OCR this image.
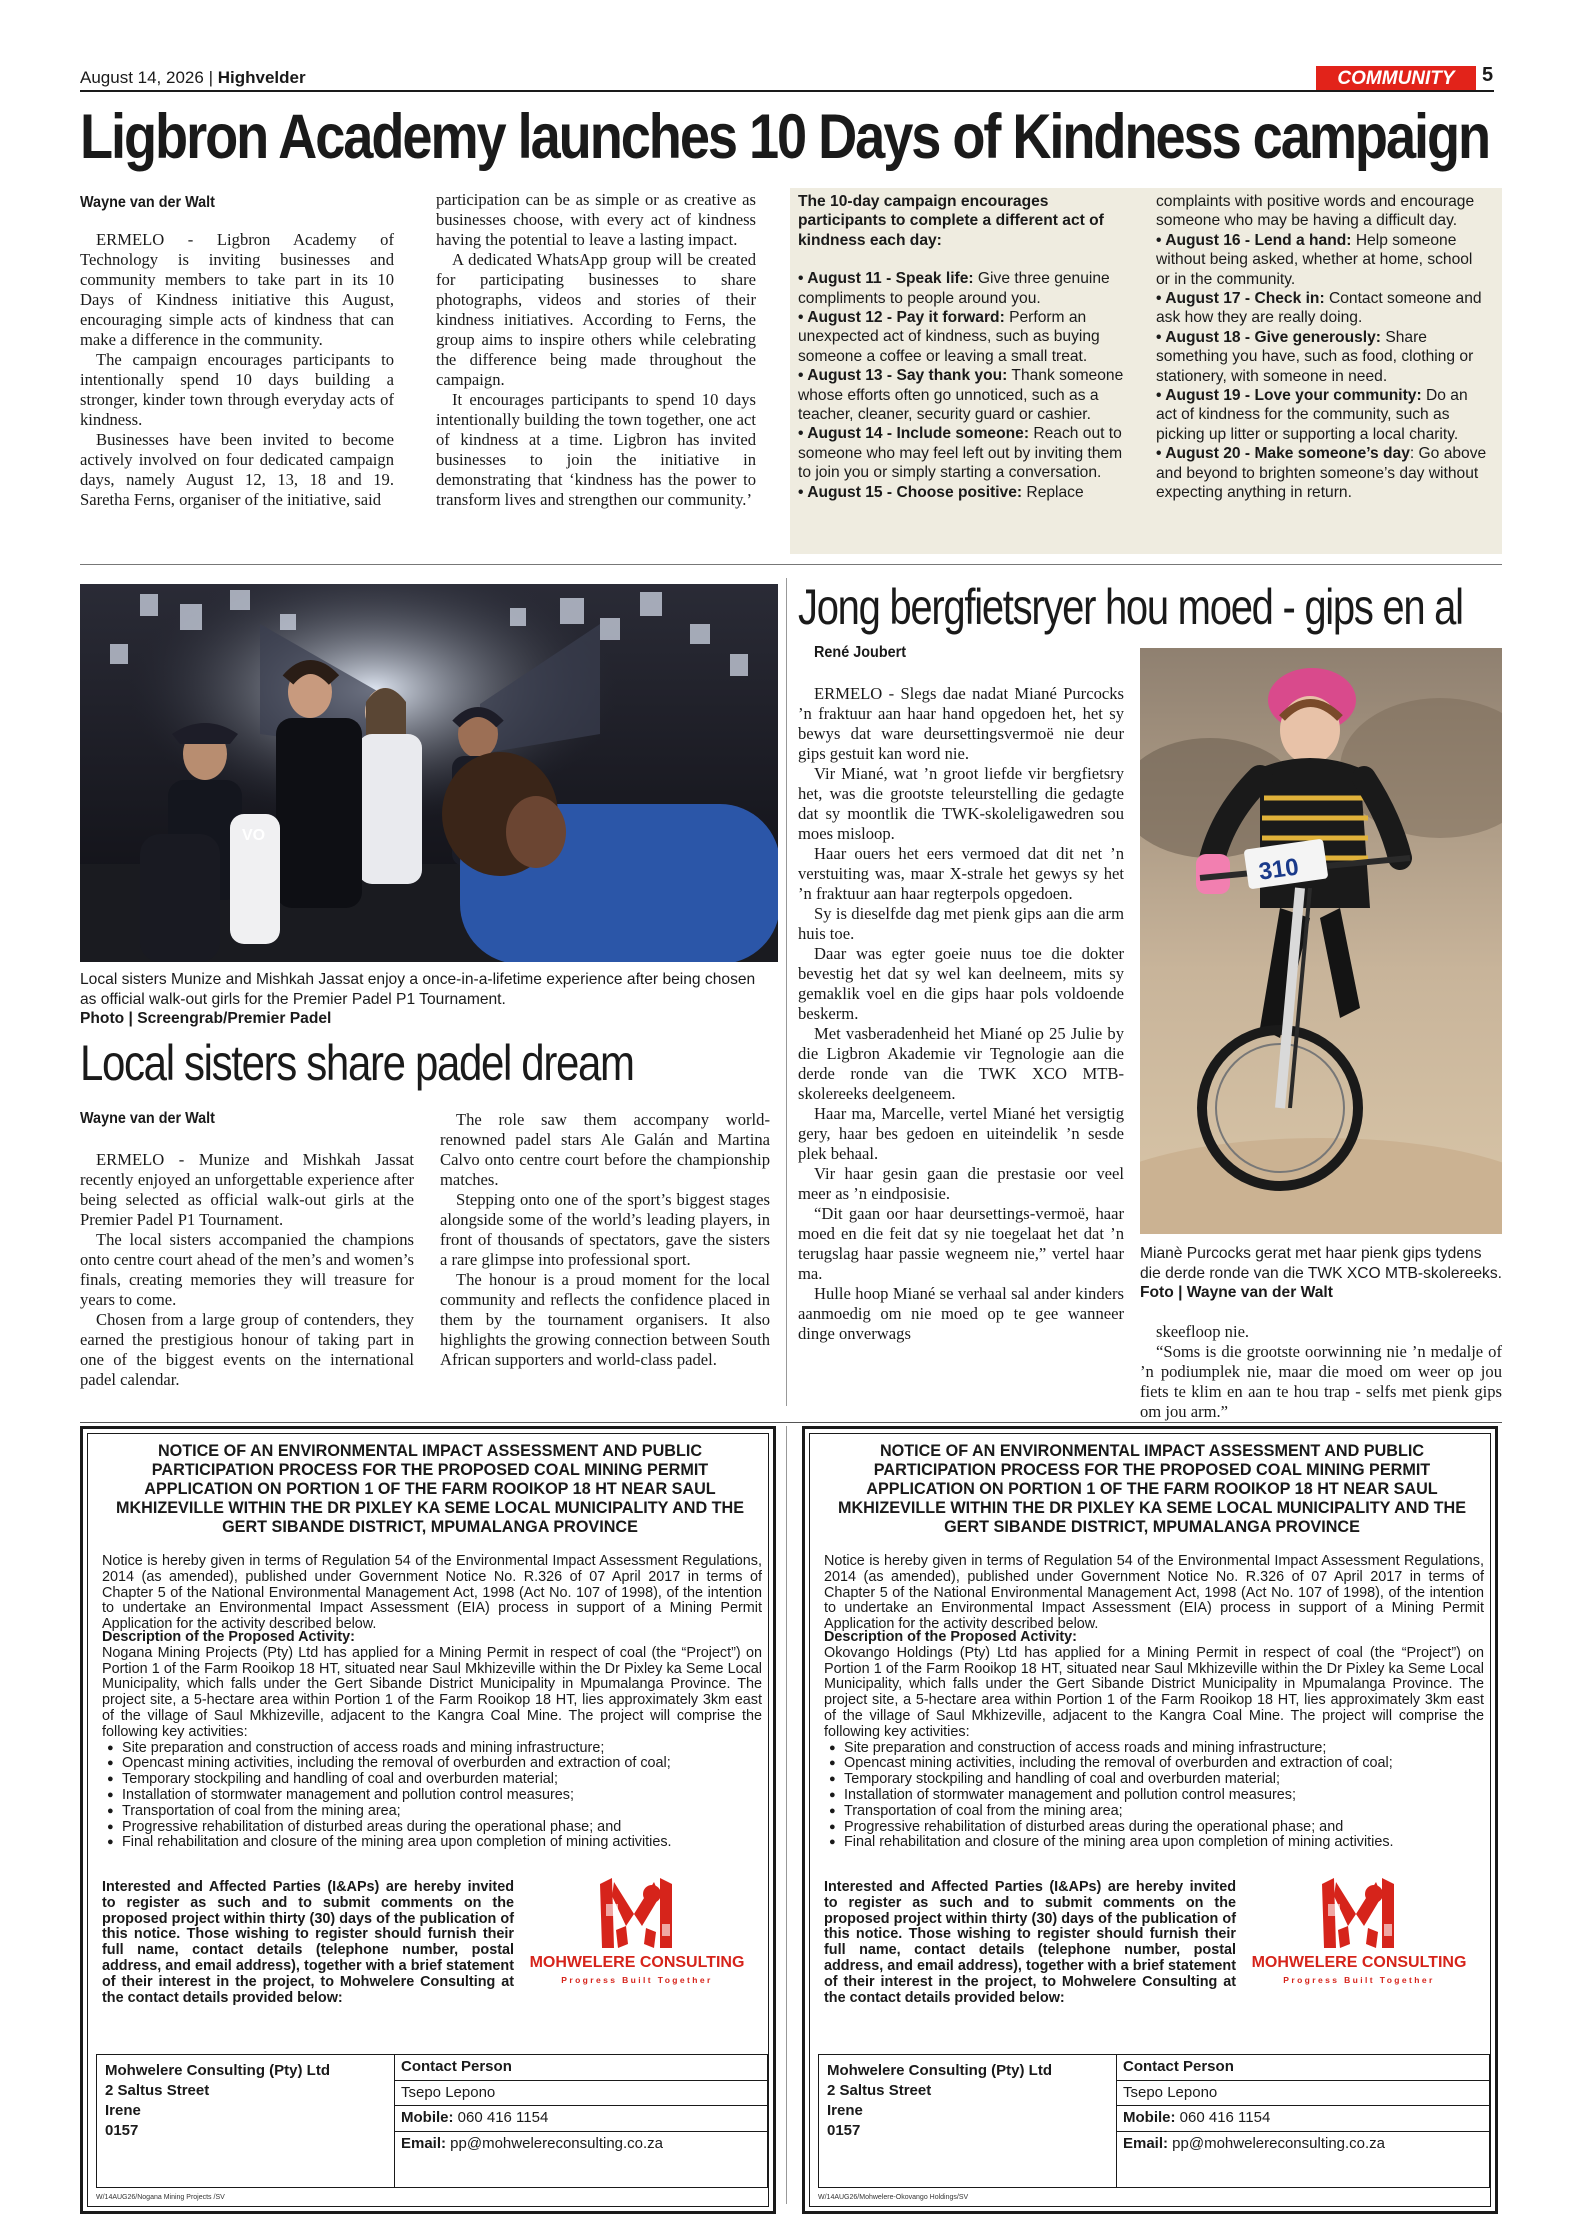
August 14, 2026 | Highvelder	COMMUNITY	5
Ligbron Academy launches 10 Days of Kindness campaign
Wayne van der Walt

ERMELO - Ligbron Academy of Technology is inviting businesses and community members to take part in its 10 Days of Kindness initiative this August, encouraging simple acts of kindness that can make a difference in the community.

The campaign encourages participants to intentionally spend 10 days building a stronger, kinder town through everyday acts of kindness.

Businesses have been invited to become actively involved on four dedicated campaign days, namely August 12, 13, 18 and 19. Saretha Ferns, organiser of the initiative, said

participation can be as simple or as creative as businesses choose, with every act of kindness having the potential to leave a lasting impact.

A dedicated WhatsApp group will be created for participating businesses to share photographs, videos and stories of their kindness initiatives. According to Ferns, the group aims to inspire others while celebrating the difference being made throughout the campaign.

It encourages participants to spend 10 days intentionally building the town together, one act of kindness at a time. Ligbron has invited businesses to join the initiative in demonstrating that ‘kindness has the power to transform lives and strengthen our community.’

The 10-day campaign encourages participants to complete a different act of kindness each day:
• August 11 - Speak life: Give three genuine compliments to people around you.
• August 12 - Pay it forward: Perform an unexpected act of kindness, such as buying someone a coffee or leaving a small treat.
• August 13 - Say thank you: Thank someone whose efforts often go unnoticed, such as a teacher, cleaner, security guard or cashier.
• August 14 - Include someone: Reach out to someone who may feel left out by inviting them to join you or simply starting a conversation.
• August 15 - Choose positive: Replace
complaints with positive words and encourage someone who may be having a difficult day.
• August 16 - Lend a hand: Help someone without being asked, whether at home, school or in the community.
• August 17 - Check in: Contact someone and ask how they are really doing.
• August 18 - Give generously: Share something you have, such as food, clothing or stationery, with someone in need.
• August 19 - Love your community: Do an act of kindness for the community, such as picking up litter or supporting a local charity.
• August 20 - Make someone’s day: Go above and beyond to brighten someone’s day without expecting anything in return.
VO
Local sisters Munize and Mishkah Jassat enjoy a once-in-a-lifetime experience after being chosen as official walk-out girls for the Premier Padel P1 Tournament.
Photo | Screengrab/Premier Padel
Local sisters share padel dream
Wayne van der Walt

ERMELO - Munize and Mishkah Jassat recently enjoyed an unforgettable experience after being selected as official walk-out girls at the Premier Padel P1 Tournament.

The local sisters accompanied the champions onto centre court ahead of the men’s and women’s finals, creating memories they will treasure for years to come.

Chosen from a large group of contenders, they earned the prestigious honour of taking part in one of the biggest events on the international padel calendar.

The role saw them accompany world-renowned padel stars Ale Galán and Martina Calvo onto centre court before the championship matches.

Stepping onto one of the sport’s biggest stages alongside some of the world’s leading players, in front of thousands of spectators, gave the sisters a rare glimpse into professional sport.

The honour is a proud moment for the local community and reflects the confidence placed in them by the tournament organisers. It also highlights the growing connection between South African supporters and world-class padel.

Jong bergfietsryer hou moed - gips en al
René Joubert

ERMELO - Slegs dae nadat Miané Purcocks ’n fraktuur aan haar hand opgedoen het, het sy bewys dat ware deursettingsvermoë nie deur gips gestuit kan word nie.

Vir Miané, wat ’n groot liefde vir bergfietsry het, was die grootste teleurstelling die gedagte dat sy moontlik die TWK-skoleligawedren sou moes misloop.

Haar ouers het eers vermoed dat dit net ’n verstuiting was, maar X-strale het gewys sy het ’n fraktuur aan haar regterpols opgedoen.

Sy is dieselfde dag met pienk gips aan die arm huis toe.

Daar was egter goeie nuus toe die dokter bevestig het dat sy wel kan deelneem, mits sy gemaklik voel en die gips haar pols voldoende beskerm.

Met vasberadenheid het Miané op 25 Julie by die Ligbron Akademie vir Tegnologie aan die derde ronde van die TWK XCO MTB-skolereeks deelgeneem.

Haar ma, Marcelle, vertel Miané het versigtig gery, haar bes gedoen en uiteindelik ’n sesde plek behaal.

Vir haar gesin gaan die prestasie oor veel meer as ’n eindposisie.

“Dit gaan oor haar deursettings-vermoë, haar moed en die feit dat sy nie toegelaat het dat ’n terugslag haar passie wegneem nie,” vertel haar ma.

Hulle hoop Miané se verhaal sal ander kinders aanmoedig om nie moed op te gee wanneer dinge onverwags

310
Mianè Purcocks gerat met haar pienk gips tydens die derde ronde van die TWK XCO MTB-skolereeks. Foto | Wayne van der Walt

skeefloop nie.

“Soms is die grootste oorwinning nie ’n medalje of ’n podiumplek nie, maar die moed om weer op jou fiets te klim en aan te hou trap - selfs met pienk gips om jou arm.”

NOTICE OF AN ENVIRONMENTAL IMPACT ASSESSMENT AND PUBLIC PARTICIPATION PROCESS FOR THE PROPOSED COAL MINING PERMIT APPLICATION ON PORTION 1 OF THE FARM ROOIKOP 18 HT NEAR SAUL MKHIZEVILLE WITHIN THE DR PIXLEY KA SEME LOCAL MUNICIPALITY AND THE GERT SIBANDE DISTRICT, MPUMALANGA PROVINCE
Notice is hereby given in terms of Regulation 54 of the Environmental Impact Assessment Regulations, 2014 (as amended), published under Government Notice No. R.326 of 07 April 2017 in terms of Chapter 5 of the National Environmental Management Act, 1998 (Act No. 107 of 1998), of the intention to undertake an Environmental Impact Assessment (EIA) process in support of a Mining Permit Application for the activity described below.
Description of the Proposed Activity:
Nogana Mining Projects (Pty) Ltd has applied for a Mining Permit in respect of coal (the “Project”) on Portion 1 of the Farm Rooikop 18 HT, situated near Saul Mkhizeville within the Dr Pixley ka Seme Local Municipality, which falls under the Gert Sibande District Municipality in Mpumalanga Province. The project site, a 5-hectare area within Portion 1 of the Farm Rooikop 18 HT, lies approximately 3km east of the village of Saul Mkhizeville, adjacent to the Kangra Coal Mine. The project will comprise the following key activities:
● Site preparation and construction of access roads and mining infrastructure;
● Opencast mining activities, including the removal of overburden and extraction of coal;
● Temporary stockpiling and handling of coal and overburden material;
● Installation of stormwater management and pollution control measures;
● Transportation of coal from the mining area;
● Progressive rehabilitation of disturbed areas during the operational phase; and
● Final rehabilitation and closure of the mining area upon completion of mining activities.
Interested and Affected Parties (I&APs) are hereby invited to register as such and to submit comments on the proposed project within thirty (30) days of the publication of this notice. Those wishing to register should furnish their full name, contact details (telephone number, postal address, and email address), together with a brief statement of their interest in the project, to Mohwelere Consulting at the contact details provided below:
MOHWELERE CONSULTING
Progress Built Together
Mohwelere Consulting (Pty) Ltd
2 Saltus Street
Irene
0157
Contact Person
Tsepo Lepono
Mobile: 060 416 1154
Email: pp@mohwelereconsulting.co.za
W/14AUG26/Nogana Mining Projects /SV
NOTICE OF AN ENVIRONMENTAL IMPACT ASSESSMENT AND PUBLIC PARTICIPATION PROCESS FOR THE PROPOSED COAL MINING PERMIT APPLICATION ON PORTION 1 OF THE FARM ROOIKOP 18 HT NEAR SAUL MKHIZEVILLE WITHIN THE DR PIXLEY KA SEME LOCAL MUNICIPALITY AND THE GERT SIBANDE DISTRICT, MPUMALANGA PROVINCE
Notice is hereby given in terms of Regulation 54 of the Environmental Impact Assessment Regulations, 2014 (as amended), published under Government Notice No. R.326 of 07 April 2017 in terms of Chapter 5 of the National Environmental Management Act, 1998 (Act No. 107 of 1998), of the intention to undertake an Environmental Impact Assessment (EIA) process in support of a Mining Permit Application for the activity described below.
Description of the Proposed Activity:
Okovango Holdings (Pty) Ltd has applied for a Mining Permit in respect of coal (the “Project”) on Portion 1 of the Farm Rooikop 18 HT, situated near Saul Mkhizeville within the Dr Pixley ka Seme Local Municipality, which falls under the Gert Sibande District Municipality in Mpumalanga Province. The project site, a 5-hectare area within Portion 1 of the Farm Rooikop 18 HT, lies approximately 3km east of the village of Saul Mkhizeville, adjacent to the Kangra Coal Mine. The project will comprise the following key activities:
● Site preparation and construction of access roads and mining infrastructure;
● Opencast mining activities, including the removal of overburden and extraction of coal;
● Temporary stockpiling and handling of coal and overburden material;
● Installation of stormwater management and pollution control measures;
● Transportation of coal from the mining area;
● Progressive rehabilitation of disturbed areas during the operational phase; and
● Final rehabilitation and closure of the mining area upon completion of mining activities.
Interested and Affected Parties (I&APs) are hereby invited to register as such and to submit comments on the proposed project within thirty (30) days of the publication of this notice. Those wishing to register should furnish their full name, contact details (telephone number, postal address, and email address), together with a brief statement of their interest in the project, to Mohwelere Consulting at the contact details provided below:
MOHWELERE CONSULTING
Progress Built Together
Mohwelere Consulting (Pty) Ltd
2 Saltus Street
Irene
0157
Contact Person
Tsepo Lepono
Mobile: 060 416 1154
Email: pp@mohwelereconsulting.co.za
W/14AUG26/Mohwelere-Okovango Holdings/SV
